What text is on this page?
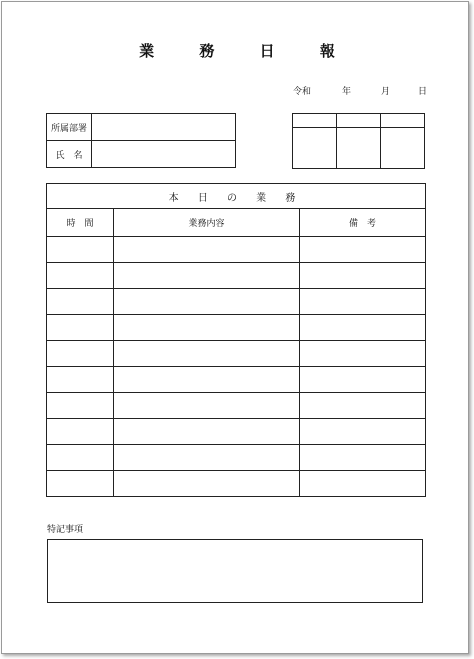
業 務 日 報
令和	年	月	日
所属部署	
氏　名	

本 日 の 業 務		
時　間	業務内容	備　考

特記事項
